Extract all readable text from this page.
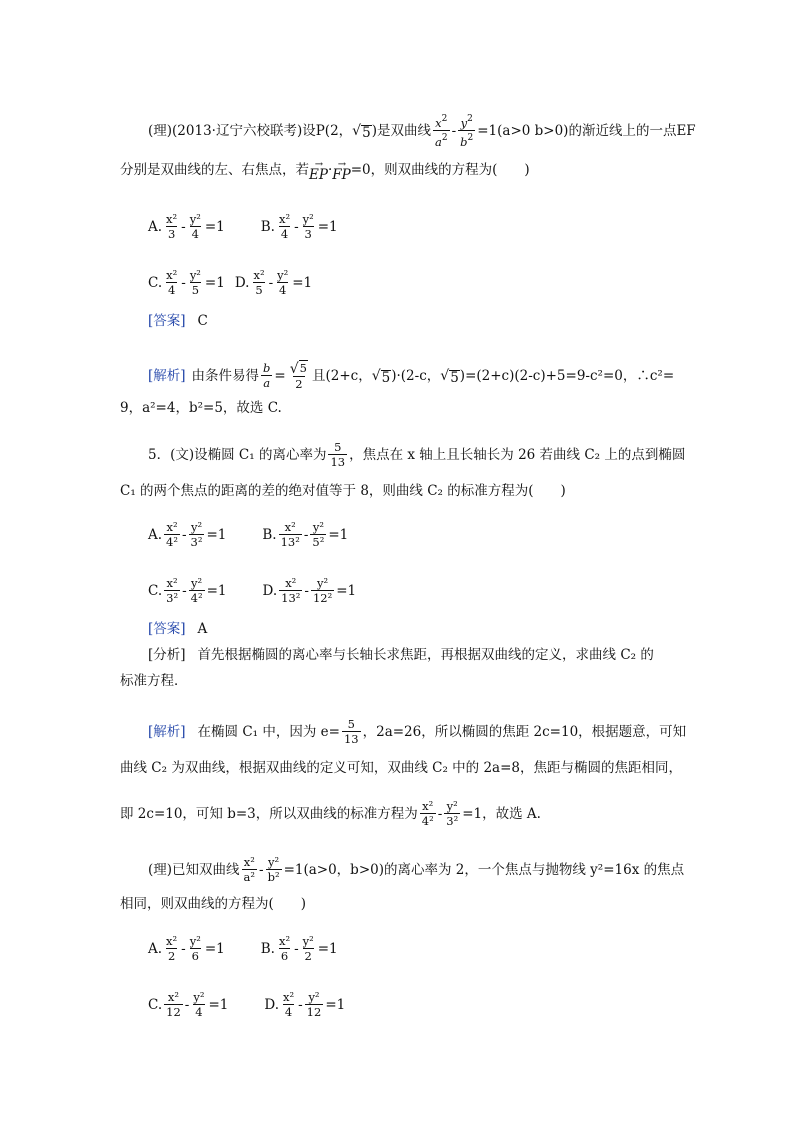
(理)(2013·辽宁六校联考)设 P(2， √ 5 )是双曲线 $\frac{x^2}{a^2} - \frac{y^2}{b^2} =1(a>0$ b>0)的渐近线上的一点EF
分别是双曲线的左、右焦点，若 →
EP · →
FP =0，则双曲线的方程为(　　)
A. $\frac{\text{x²}}{3} - \frac{\text{y²}}{4} =1$	B. $\frac{\text{x²}}{4} - \frac{\text{y²}}{3} =1$
C. $\frac{\text{x²}}{4} - \frac{\text{y²}}{5} =1$ D. $\frac{\text{x²}}{5} - \frac{\text{y²}}{4} =1$
[答案] C
[解析] 由条件易得 $\frac{b}{a} = \frac{√ 5}{2}$ 且(2+c， √ 5 )·(2-c， √ 5 )=(2+c)(2-c)+5=9-c²=0，∴c²=
9，a²=4，b²=5，故选 C.
5．(文)设椭圆 C₁ 的离心率为 $\frac{5}{13}$ ，焦点在 x 轴上且长轴长为 26 若曲线 C₂ 上的点到椭圆
C₁ 的两个焦点的距离的差的绝对值等于 8，则曲线 C₂ 的标准方程为(　　)
A. $\frac{\text{x²}}{\text{4²}} - \frac{\text{y²}}{\text{3²}} =1$	B. $\frac{\text{x²}}{\text{13²}} - \frac{\text{y²}}{\text{5²}} =1$
C. $\frac{\text{x²}}{\text{3²}} - \frac{\text{y²}}{\text{4²}} =1$	D. $\frac{\text{x²}}{\text{13²}} - \frac{\text{y²}}{\text{12²}} =1$
[答案] A
[分析] 首先根据椭圆的离心率与长轴长求焦距，再根据双曲线的定义，求曲线 C₂ 的
标准方程．
[解析] 在椭圆 C₁ 中，因为 $e= \frac{5}{13}$ ，2a=26，所以椭圆的焦距 2c=10，根据题意，可知
曲线 C₂ 为双曲线，根据双曲线的定义可知，双曲线 C₂ 中的 2a=8，焦距与椭圆的焦距相同，
即 2c=10，可知 b=3，所以双曲线的标准方程为 $\frac{\text{x²}}{\text{4²}} - \frac{\text{y²}}{\text{3²}} =1$，故选 A.
(理)已知双曲线 $\frac{\text{x²}}{\text{a²}} - \frac{\text{y²}}{\text{b²}} =1(a>0$，b>0)的离心率为 2，一个焦点与抛物线 y²=16x 的焦点
相同，则双曲线的方程为(　　)
A. $\frac{\text{x²}}{2} - \frac{\text{y²}}{6} =1$	B. $\frac{\text{x²}}{6} - \frac{\text{y²}}{2} =1$
C. $\frac{\text{x²}}{12} - \frac{\text{y²}}{4} =1$	D. $\frac{\text{x²}}{4} - \frac{\text{y²}}{12} =1$
